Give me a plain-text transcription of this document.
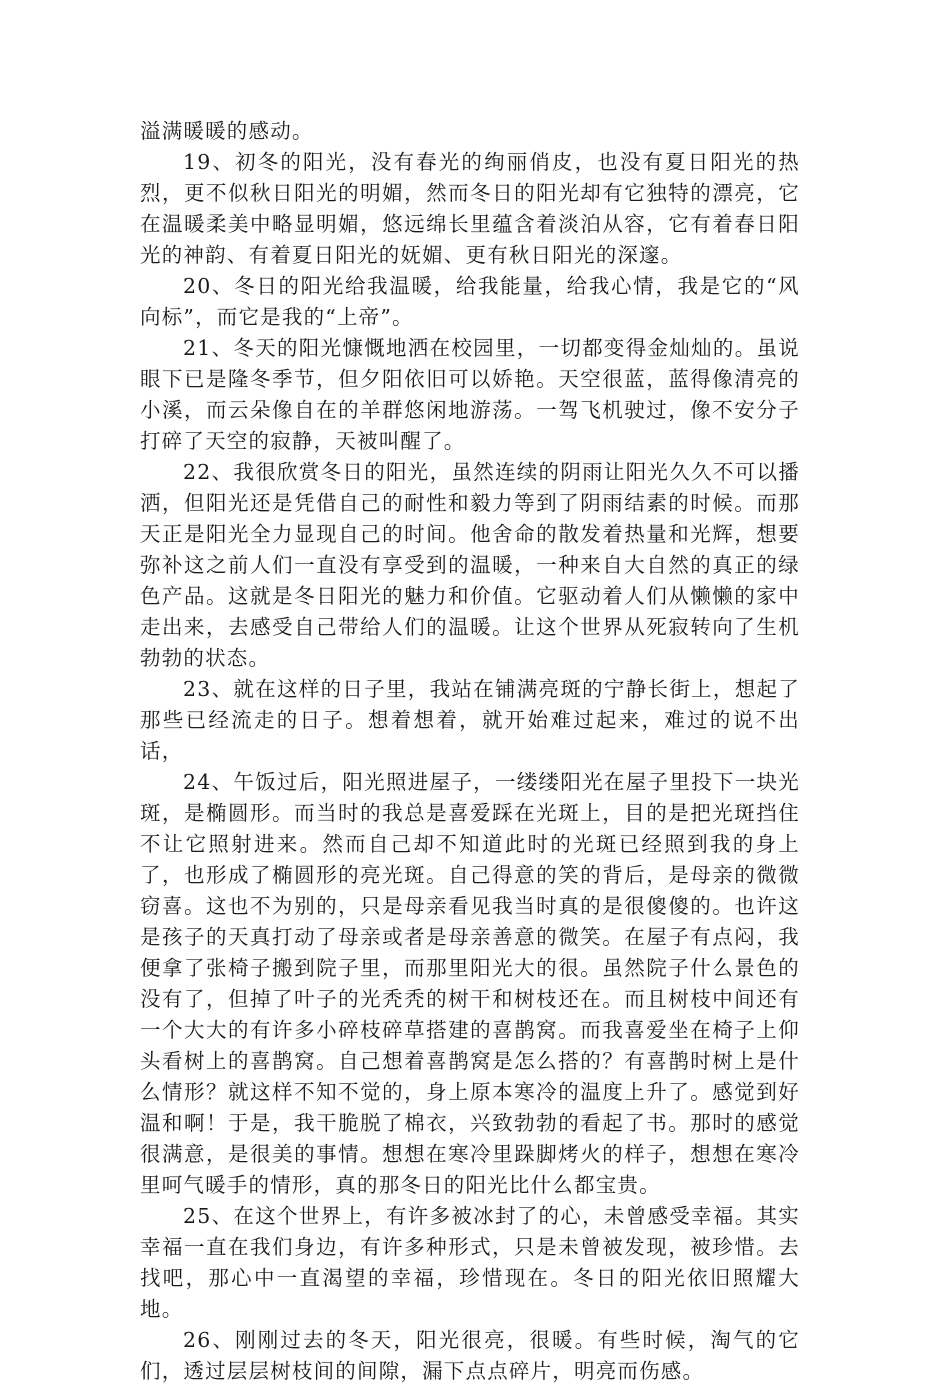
溢满暖暖的感动。

19、初冬的阳光，没有春光的绚丽俏皮，也没有夏日阳光的热烈，更不似秋日阳光的明媚，然而冬日的阳光却有它独特的漂亮，它在温暖柔美中略显明媚，悠远绵长里蕴含着淡泊从容，它有着春日阳光的神韵、有着夏日阳光的妩媚、更有秋日阳光的深邃。

20、冬日的阳光给我温暖，给我能量，给我心情，我是它的“风向标”，而它是我的“上帝”。

21、冬天的阳光慷慨地洒在校园里，一切都变得金灿灿的。虽说眼下已是隆冬季节，但夕阳依旧可以娇艳。天空很蓝，蓝得像清亮的小溪，而云朵像自在的羊群悠闲地游荡。一驾飞机驶过，像不安分子打碎了天空的寂静，天被叫醒了。

22、我很欣赏冬日的阳光，虽然连续的阴雨让阳光久久不可以播洒，但阳光还是凭借自己的耐性和毅力等到了阴雨结素的时候。而那天正是阳光全力显现自己的时间。他舍命的散发着热量和光辉，想要弥补这之前人们一直没有享受到的温暖，一种来自大自然的真正的绿色产品。这就是冬日阳光的魅力和价值。它驱动着人们从懒懒的家中走出来，去感受自己带给人们的温暖。让这个世界从死寂转向了生机勃勃的状态。

23、就在这样的日子里，我站在铺满亮斑的宁静长街上，想起了那些已经流走的日子。想着想着，就开始难过起来，难过的说不出话，

24、午饭过后，阳光照进屋子，一缕缕阳光在屋子里投下一块光斑，是椭圆形。而当时的我总是喜爱踩在光斑上，目的是把光斑挡住不让它照射进来。然而自己却不知道此时的光斑已经照到我的身上了，也形成了椭圆形的亮光斑。自己得意的笑的背后，是母亲的微微窃喜。这也不为别的，只是母亲看见我当时真的是很傻傻的。也许这是孩子的天真打动了母亲或者是母亲善意的微笑。在屋子有点闷，我便拿了张椅子搬到院子里，而那里阳光大的很。虽然院子什么景色的没有了，但掉了叶子的光秃秃的树干和树枝还在。而且树枝中间还有一个大大的有许多小碎枝碎草搭建的喜鹊窝。而我喜爱坐在椅子上仰头看树上的喜鹊窝。自己想着喜鹊窝是怎么搭的？有喜鹊时树上是什么情形？就这样不知不觉的，身上原本寒冷的温度上升了。感觉到好温和啊！于是，我干脆脱了棉衣，兴致勃勃的看起了书。那时的感觉很满意，是很美的事情。想想在寒冷里跺脚烤火的样子，想想在寒冷里呵气暖手的情形，真的那冬日的阳光比什么都宝贵。

25、在这个世界上，有许多被冰封了的心，未曾感受幸福。其实幸福一直在我们身边，有许多种形式，只是未曾被发现，被珍惜。去找吧，那心中一直渴望的幸福，珍惜现在。冬日的阳光依旧照耀大地。

26、刚刚过去的冬天，阳光很亮，很暖。有些时候，淘气的它们，透过层层树枝间的间隙，漏下点点碎片，明亮而伤感。
